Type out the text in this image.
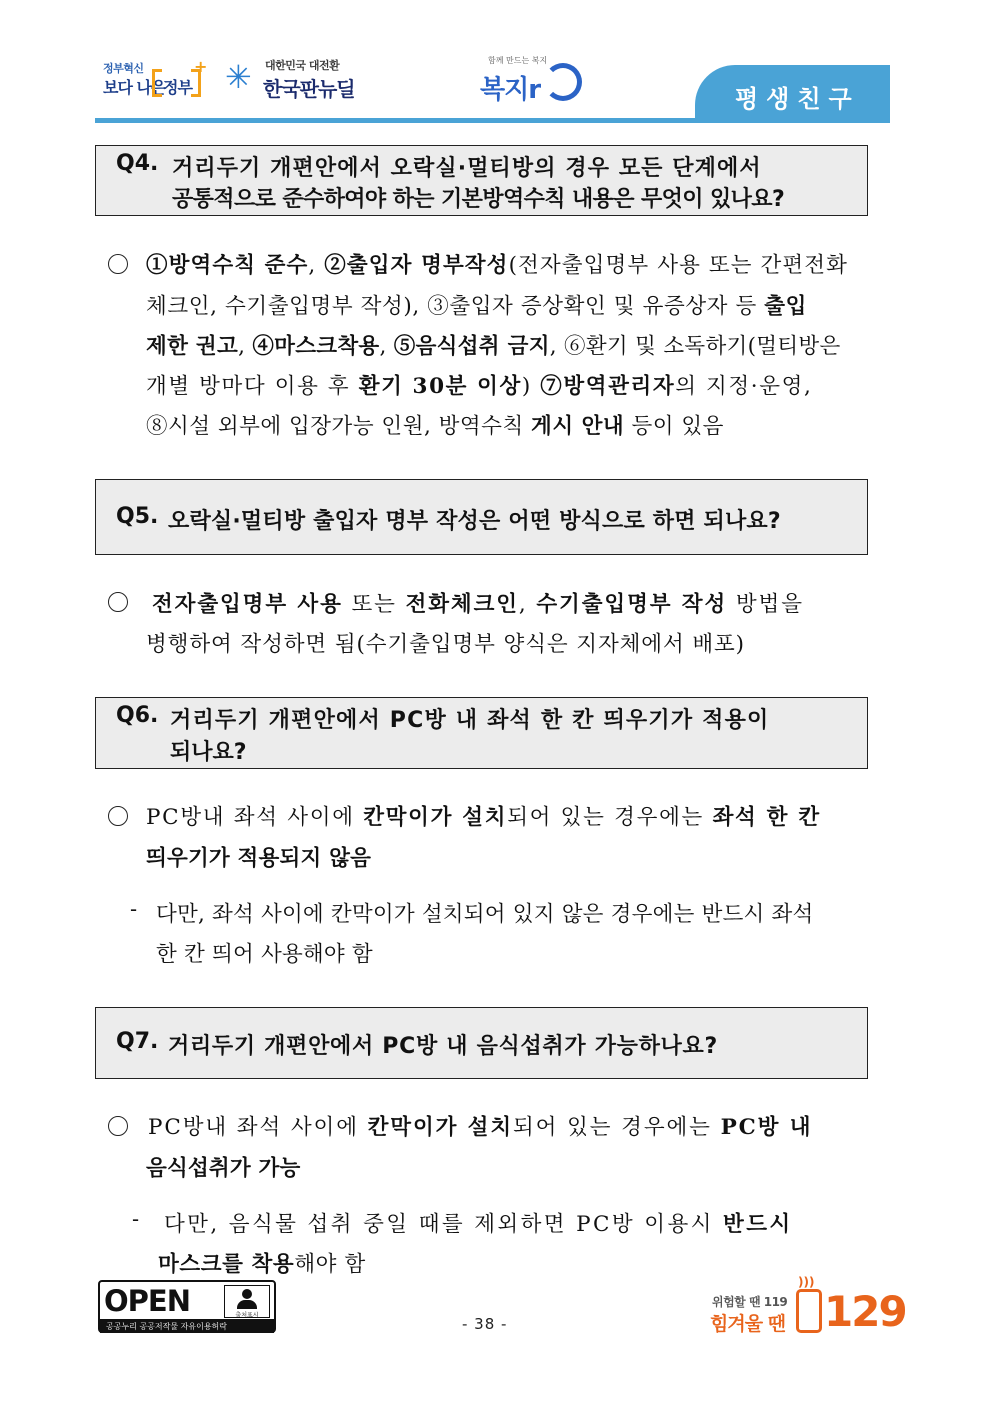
정부혁신
보다 나은
정부
+ ✳ 대한민국 대전환
한국판뉴딜
함께 만드는 복지
복지r	평생친구
Q4. 거리두기 개편안에서 오락실·멀티방의 경우 모든 단계에서
공통적으로 준수하여야 하는 기본방역수칙 내용은 무엇이 있나요?
①방역수칙 준수, ②출입자 명부작성(전자출입명부 사용 또는 간편전화
체크인, 수기출입명부 작성), ③출입자 증상확인 및 유증상자 등 출입
제한 권고, ④마스크착용, ⑤음식섭취 금지, ⑥환기 및 소독하기(멀티방은
개별 방마다 이용 후 환기 30분 이상) ⑦방역관리자의 지정·운영,
⑧시설 외부에 입장가능 인원, 방역수칙 게시 안내 등이 있음
Q5. 오락실·멀티방 출입자 명부 작성은 어떤 방식으로 하면 되나요?
전자출입명부 사용 또는 전화체크인, 수기출입명부 작성 방법을
병행하여 작성하면 됨(수기출입명부 양식은 지자체에서 배포)
Q6. 거리두기 개편안에서 PC방 내 좌석 한 칸 띄우기가 적용이
되나요?
PC방내 좌석 사이에 칸막이가 설치되어 있는 경우에는 좌석 한 칸
띄우기가 적용되지 않음
- 다만, 좌석 사이에 칸막이가 설치되어 있지 않은 경우에는 반드시 좌석
한 칸 띄어 사용해야 함
Q7. 거리두기 개편안에서 PC방 내 음식섭취가 가능하나요?
PC방내 좌석 사이에 칸막이가 설치되어 있는 경우에는 PC방 내
음식섭취가 가능
- 다만, 음식물 섭취 중일 때를 제외하면 PC방 이용시 반드시
마스크를 착용해야 함
OPEN	출처표시
공공누리 공공저작물 자유이용허락	- 38 -
위험할 땐 119
힘겨울 땐
)))
129
